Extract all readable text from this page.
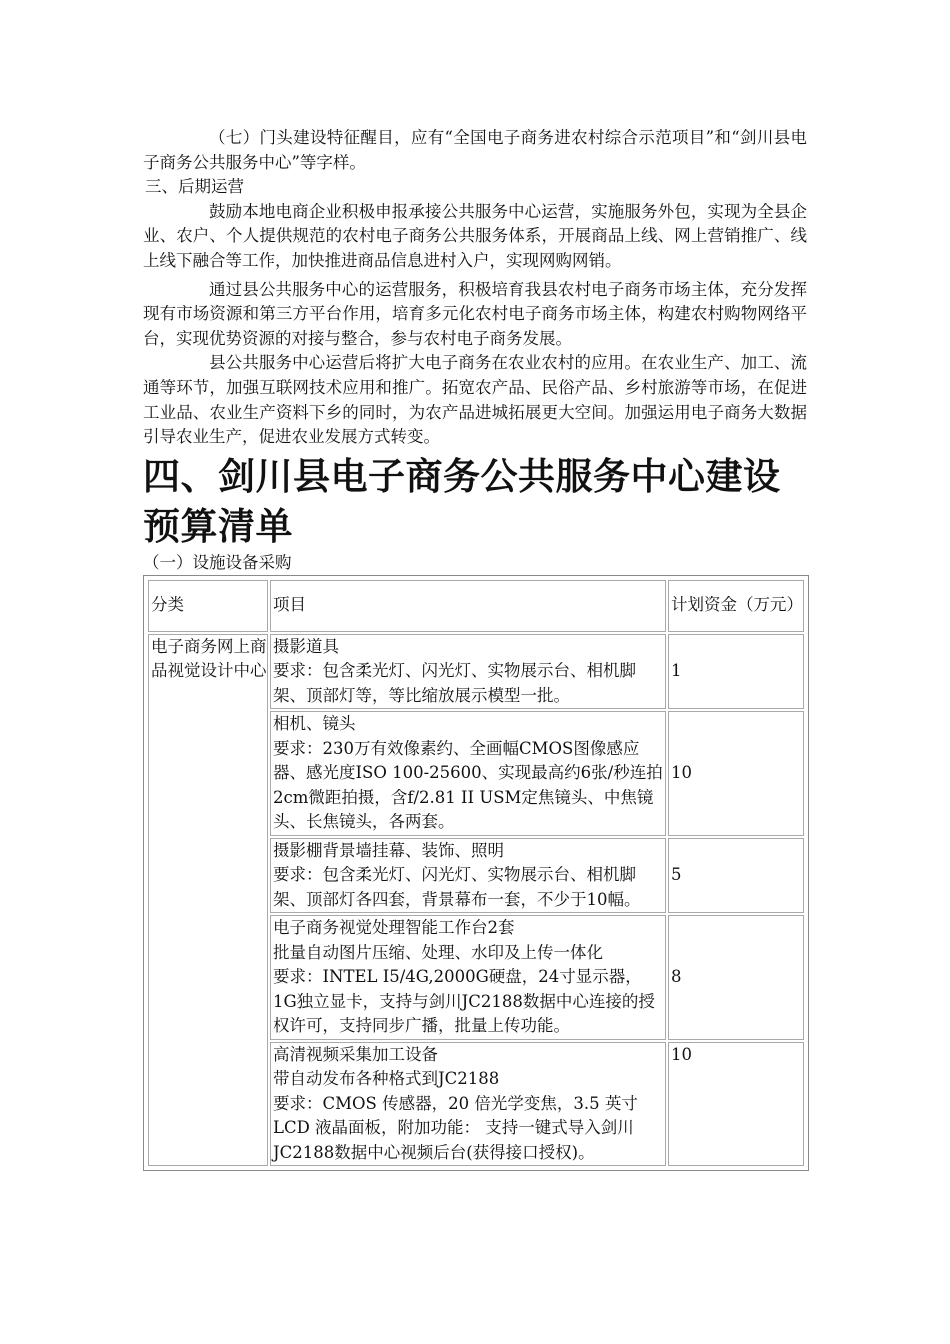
（七）门头建设特征醒目，应有“全国电子商务进农村综合示范项目”和“剑川县电子商务公共服务中心”等字样。

三、后期运营

鼓励本地电商企业积极申报承接公共服务中心运营，实施服务外包，实现为全县企业、农户、个人提供规范的农村电子商务公共服务体系，开展商品上线、网上营销推广、线上线下融合等工作，加快推进商品信息进村入户，实现网购网销。

通过县公共服务中心的运营服务，积极培育我县农村电子商务市场主体，充分发挥现有市场资源和第三方平台作用，培育多元化农村电子商务市场主体，构建农村购物网络平台，实现优势资源的对接与整合，参与农村电子商务发展。

县公共服务中心运营后将扩大电子商务在农业农村的应用。在农业生产、加工、流通等环节，加强互联网技术应用和推广。拓宽农产品、民俗产品、乡村旅游等市场，在促进工业品、农业生产资料下乡的同时，为农产品进城拓展更大空间。加强运用电子商务大数据引导农业生产，促进农业发展方式转变。

四、剑川县电子商务公共服务中心建设预算清单

（一）设施设备采购

分类	项目	计划资金（万元）
电子商务网上商品视觉设计中心	摄影道具
要求：包含柔光灯、闪光灯、实物展示台、相机脚架、顶部灯等，等比缩放展示模型一批。	1

	相机、镜头
要求：230万有效像素约、全画幅CMOS图像感应器、感光度ISO 100-25600、实现最高约6张/秒连拍2cm微距拍摄，含f/2.81 II USM定焦镜头、中焦镜头、长焦镜头，各两套。	10

	摄影棚背景墙挂幕、装饰、照明
要求：包含柔光灯、闪光灯、实物展示台、相机脚架、顶部灯各四套，背景幕布一套，不少于10幅。	5

	电子商务视觉处理智能工作台2套
批量自动图片压缩、处理、水印及上传一体化
要求：INTEL I5/4G,2000G硬盘，24寸显示器，1G独立显卡，支持与剑川JC2188数据中心连接的授权许可，支持同步广播，批量上传功能。	8

	高清视频采集加工设备
带自动发布各种格式到JC2188
要求：CMOS 传感器，20 倍光学变焦，3.5 英寸LCD 液晶面板，附加功能： 支持一键式导入剑川JC2188数据中心视频后台(获得接口授权)。	10
